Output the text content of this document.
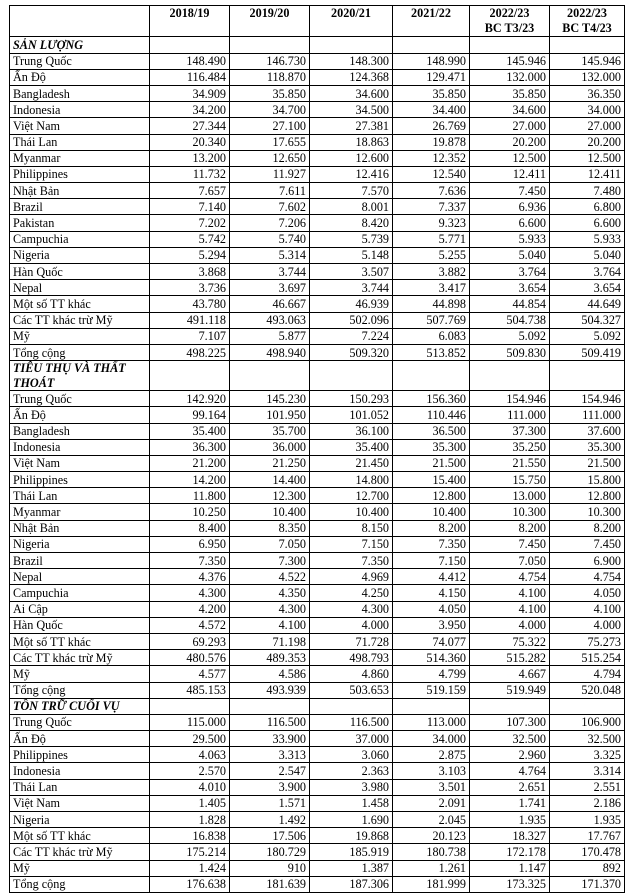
	2018/19	2019/20	2020/21	2021/22	2022/23	2022/23
					BC T3/23	BC T4/23
SẢN LƯỢNG						
Trung Quốc	148.490	146.730	148.300	148.990	145.946	145.946
Ấn Độ	116.484	118.870	124.368	129.471	132.000	132.000
Bangladesh	34.909	35.850	34.600	35.850	35.850	36.350
Indonesia	34.200	34.700	34.500	34.400	34.600	34.000
Việt Nam	27.344	27.100	27.381	26.769	27.000	27.000
Thái Lan	20.340	17.655	18.863	19.878	20.200	20.200
Myanmar	13.200	12.650	12.600	12.352	12.500	12.500
Philippines	11.732	11.927	12.416	12.540	12.411	12.411
Nhật Bản	7.657	7.611	7.570	7.636	7.450	7.480
Brazil	7.140	7.602	8.001	7.337	6.936	6.800
Pakistan	7.202	7.206	8.420	9.323	6.600	6.600
Campuchia	5.742	5.740	5.739	5.771	5.933	5.933
Nigeria	5.294	5.314	5.148	5.255	5.040	5.040
Hàn Quốc	3.868	3.744	3.507	3.882	3.764	3.764
Nepal	3.736	3.697	3.744	3.417	3.654	3.654
Một số TT khác	43.780	46.667	46.939	44.898	44.854	44.649
Các TT khác trừ Mỹ	491.118	493.063	502.096	507.769	504.738	504.327
Mỹ	7.107	5.877	7.224	6.083	5.092	5.092
Tổng cộng	498.225	498.940	509.320	513.852	509.830	509.419
TIÊU THỤ VÀ THẤT THOÁT						
Trung Quốc	142.920	145.230	150.293	156.360	154.946	154.946
Ấn Độ	99.164	101.950	101.052	110.446	111.000	111.000
Bangladesh	35.400	35.700	36.100	36.500	37.300	37.600
Indonesia	36.300	36.000	35.400	35.300	35.250	35.300
Việt Nam	21.200	21.250	21.450	21.500	21.550	21.500
Philippines	14.200	14.400	14.800	15.400	15.750	15.800
Thái Lan	11.800	12.300	12.700	12.800	13.000	12.800
Myanmar	10.250	10.400	10.400	10.400	10.300	10.300
Nhật Bản	8.400	8.350	8.150	8.200	8.200	8.200
Nigeria	6.950	7.050	7.150	7.350	7.450	7.450
Brazil	7.350	7.300	7.350	7.150	7.050	6.900
Nepal	4.376	4.522	4.969	4.412	4.754	4.754
Campuchia	4.300	4.350	4.250	4.150	4.100	4.050
Ai Cập	4.200	4.300	4.300	4.050	4.100	4.100
Hàn Quốc	4.572	4.100	4.000	3.950	4.000	4.000
Một số TT khác	69.293	71.198	71.728	74.077	75.322	75.273
Các TT khác trừ Mỹ	480.576	489.353	498.793	514.360	515.282	515.254
Mỹ	4.577	4.586	4.860	4.799	4.667	4.794
Tổng cộng	485.153	493.939	503.653	519.159	519.949	520.048
TỒN TRỮ CUỐI VỤ						
Trung Quốc	115.000	116.500	116.500	113.000	107.300	106.900
Ấn Độ	29.500	33.900	37.000	34.000	32.500	32.500
Philippines	4.063	3.313	3.060	2.875	2.960	3.325
Indonesia	2.570	2.547	2.363	3.103	4.764	3.314
Thái Lan	4.010	3.900	3.980	3.501	2.651	2.551
Việt Nam	1.405	1.571	1.458	2.091	1.741	2.186
Nigeria	1.828	1.492	1.690	2.045	1.935	1.935
Một số TT khác	16.838	17.506	19.868	20.123	18.327	17.767
Các TT khác trừ Mỹ	175.214	180.729	185.919	180.738	172.178	170.478
Mỹ	1.424	910	1.387	1.261	1.147	892
Tổng cộng	176.638	181.639	187.306	181.999	173.325	171.370
